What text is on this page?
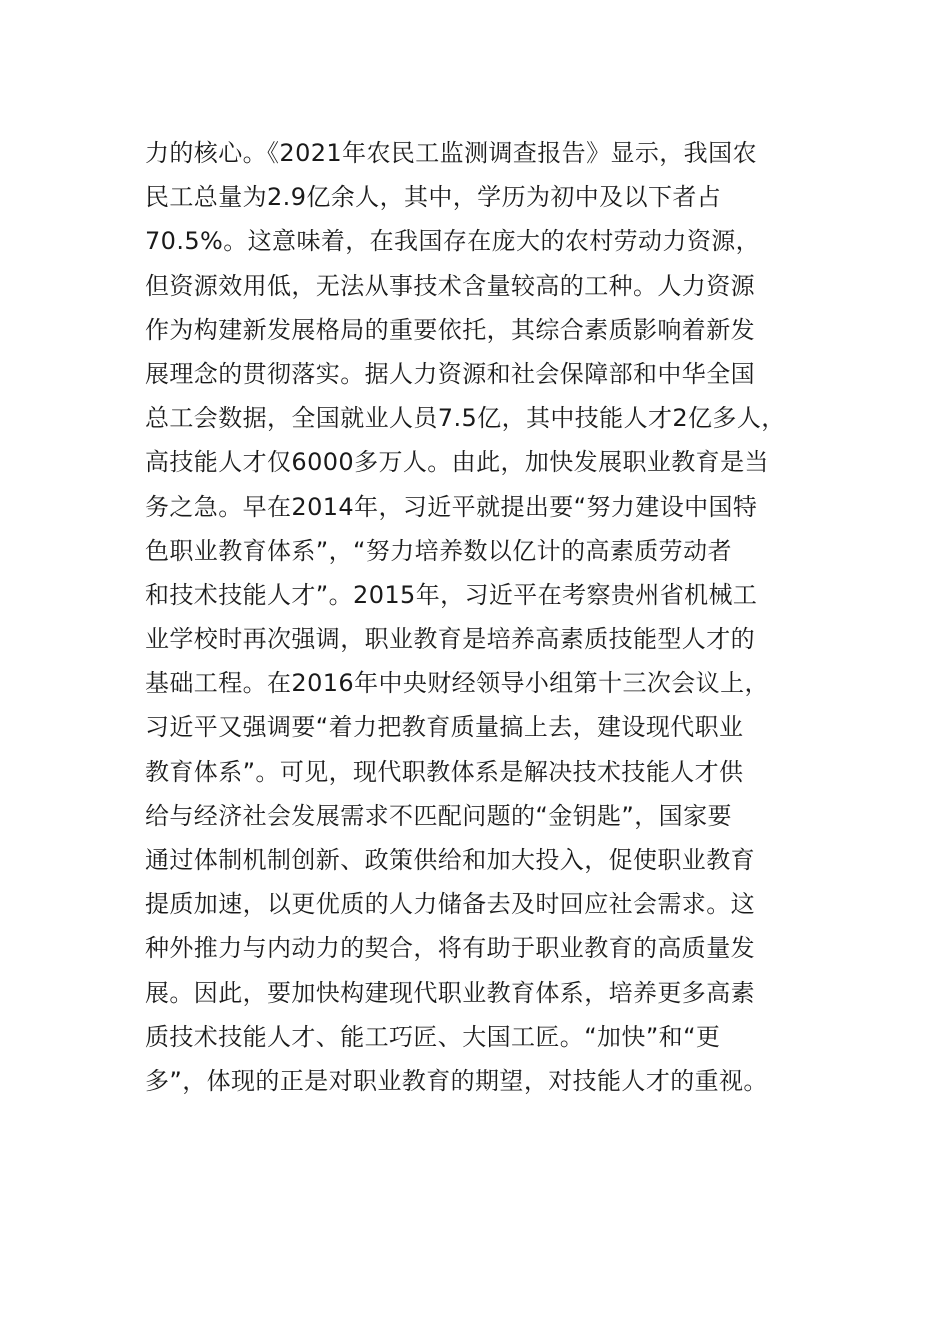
力的核心。《2021年农民工监测调查报告》显示，我国农
民工总量为2.9亿余人，其中，学历为初中及以下者占
70.5%。这意味着，在我国存在庞大的农村劳动力资源，
但资源效用低，无法从事技术含量较高的工种。人力资源
作为构建新发展格局的重要依托，其综合素质影响着新发
展理念的贯彻落实。据人力资源和社会保障部和中华全国
总工会数据，全国就业人员7.5亿，其中技能人才2亿多人，
高技能人才仅6000多万人。由此，加快发展职业教育是当
务之急。早在2014年，习近平就提出要“努力建设中国特
色职业教育体系”，“努力培养数以亿计的高素质劳动者
和技术技能人才”。2015年，习近平在考察贵州省机械工
业学校时再次强调，职业教育是培养高素质技能型人才的
基础工程。在2016年中央财经领导小组第十三次会议上，
习近平又强调要“着力把教育质量搞上去，建设现代职业
教育体系”。可见，现代职教体系是解决技术技能人才供
给与经济社会发展需求不匹配问题的“金钥匙”，国家要
通过体制机制创新、政策供给和加大投入，促使职业教育
提质加速，以更优质的人力储备去及时回应社会需求。这
种外推力与内动力的契合，将有助于职业教育的高质量发
展。因此，要加快构建现代职业教育体系，培养更多高素
质技术技能人才、能工巧匠、大国工匠。“加快”和“更
多”，体现的正是对职业教育的期望，对技能人才的重视。
